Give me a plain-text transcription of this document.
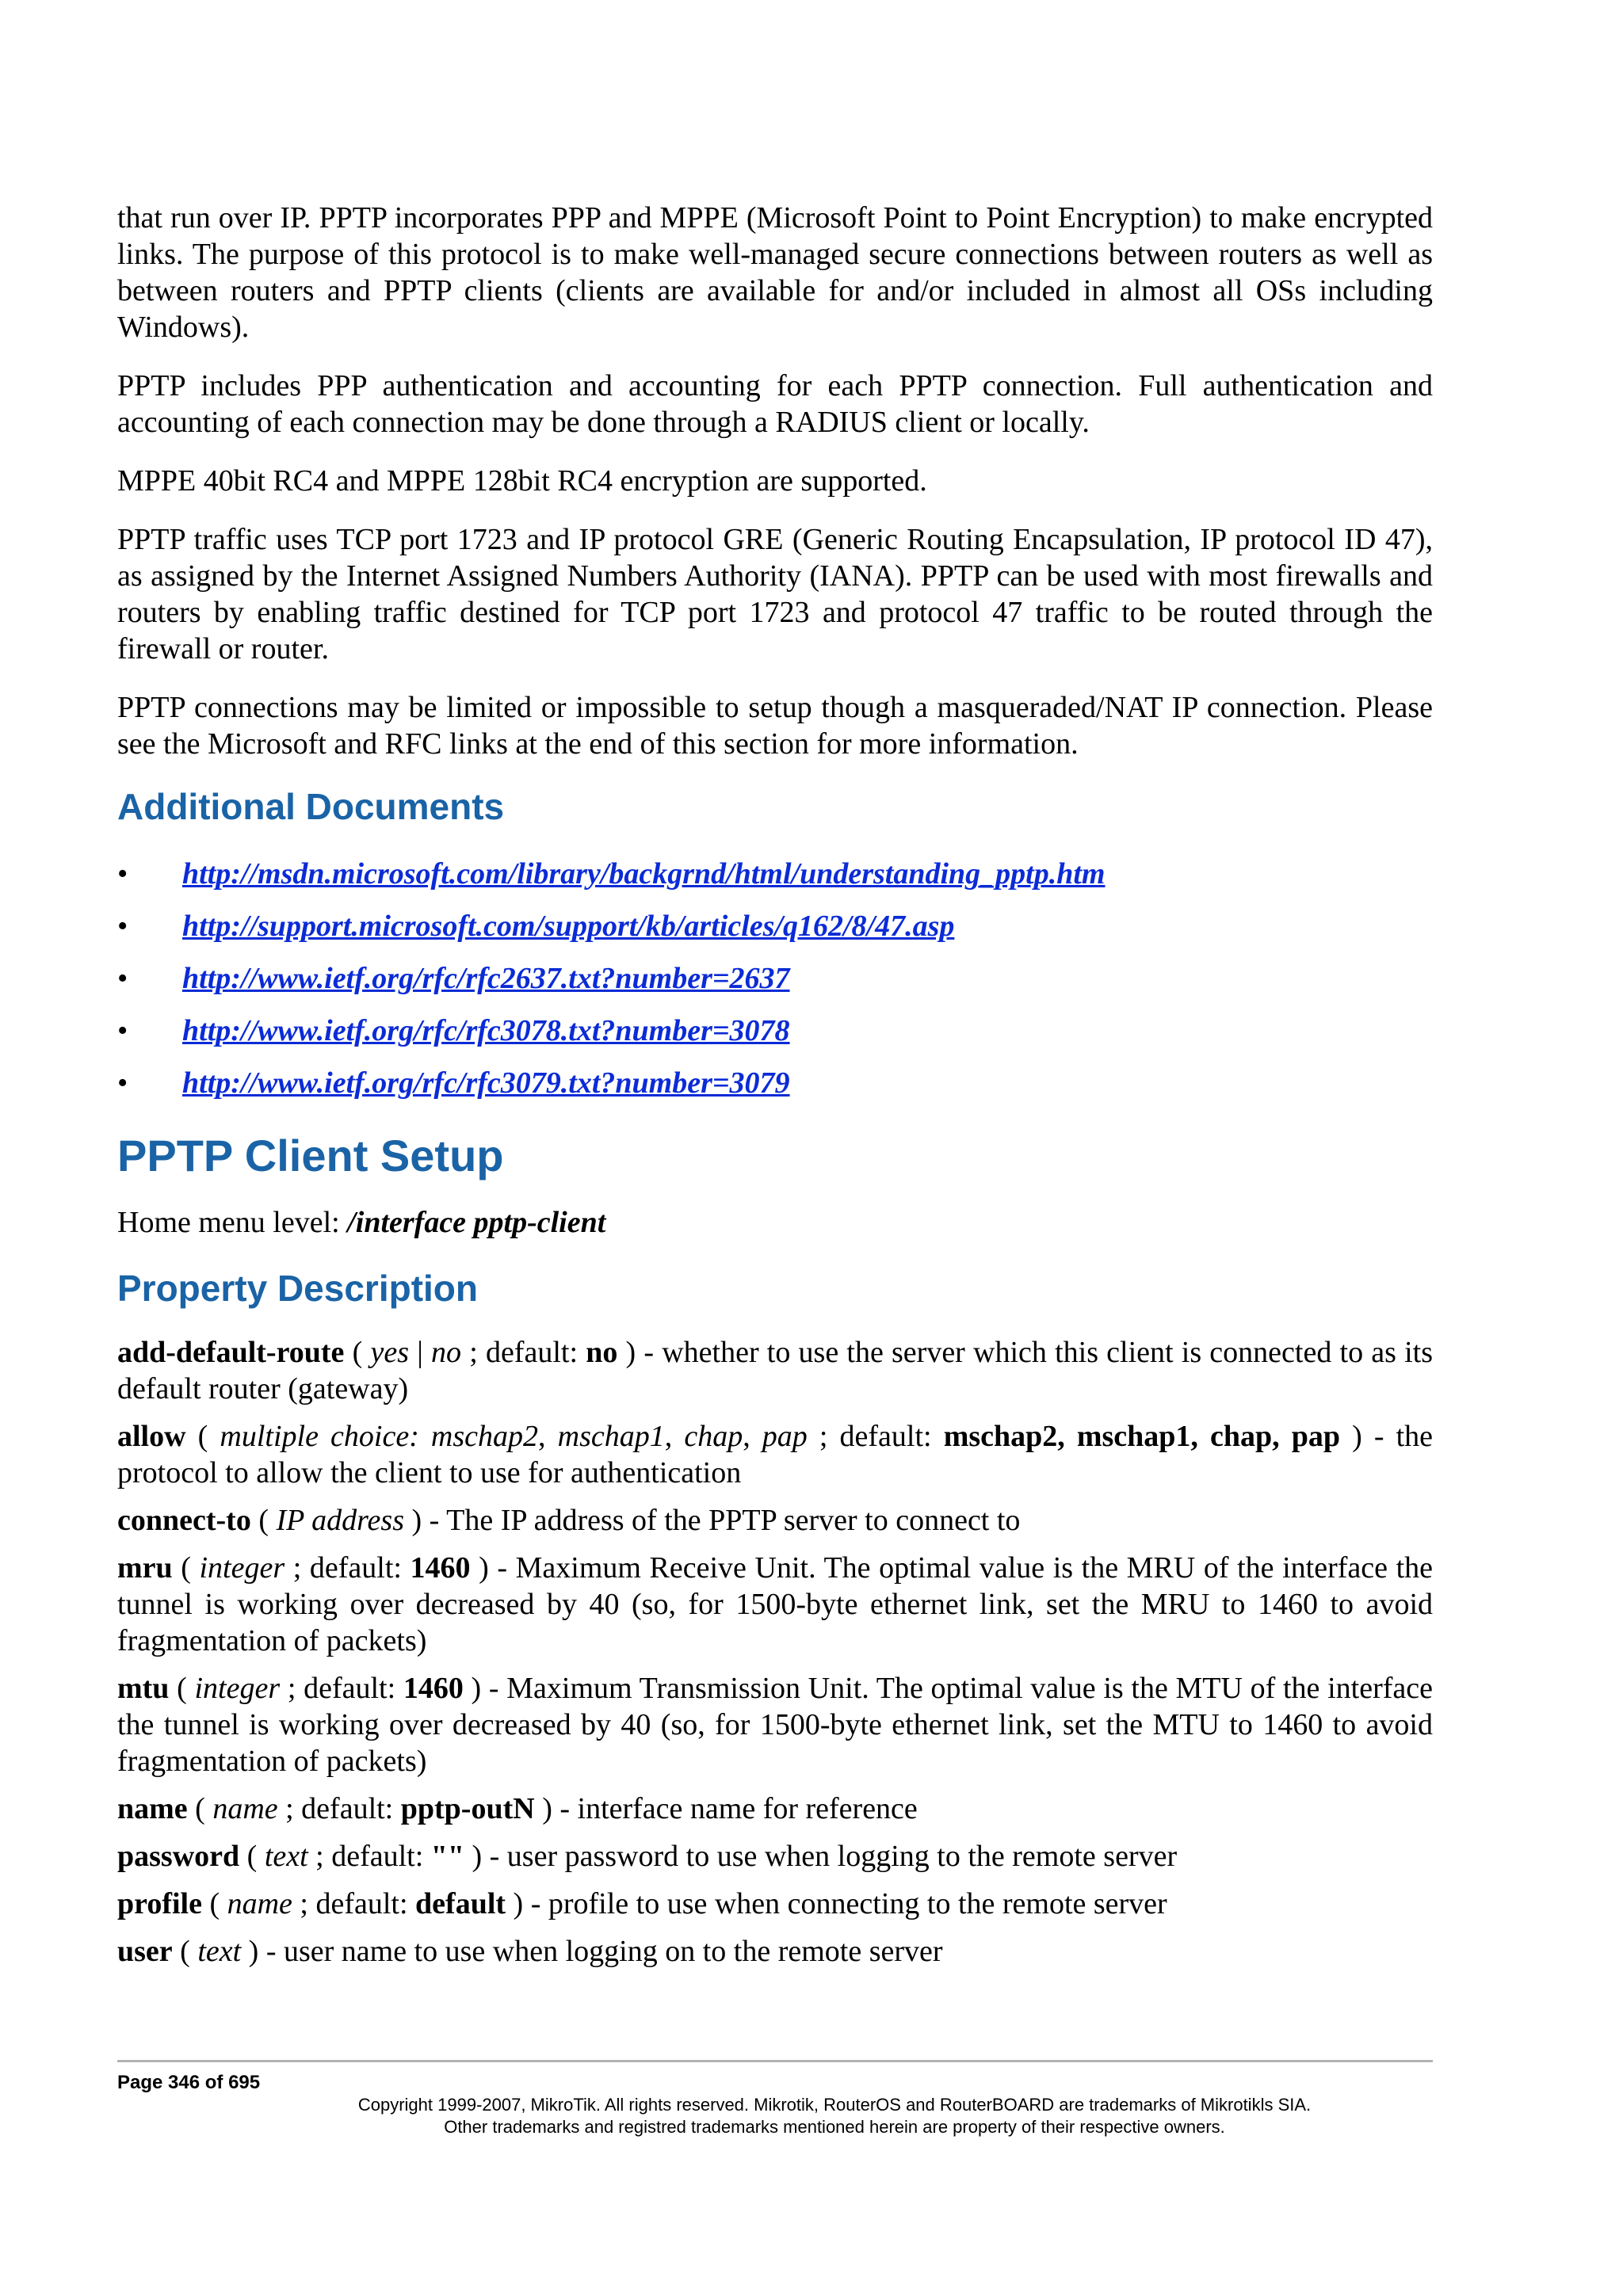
that run over IP. PPTP incorporates PPP and MPPE (Microsoft Point to Point Encryption) to make encrypted links. The purpose of this protocol is to make well-managed secure connections between routers as well as between routers and PPTP clients (clients are available for and/or included in almost all OSs including Windows).

PPTP includes PPP authentication and accounting for each PPTP connection. Full authentication and accounting of each connection may be done through a RADIUS client or locally.

MPPE 40bit RC4 and MPPE 128bit RC4 encryption are supported.

PPTP traffic uses TCP port 1723 and IP protocol GRE (Generic Routing Encapsulation, IP protocol ID 47), as assigned by the Internet Assigned Numbers Authority (IANA). PPTP can be used with most firewalls and routers by enabling traffic destined for TCP port 1723 and protocol 47 traffic to be routed through the firewall or router.

PPTP connections may be limited or impossible to setup though a masqueraded/NAT IP connection. Please see the Microsoft and RFC links at the end of this section for more information.

Additional Documents
• http://msdn.microsoft.com/library/backgrnd/html/understanding_pptp.htm
• http://support.microsoft.com/support/kb/articles/q162/8/47.asp
• http://www.ietf.org/rfc/rfc2637.txt?number=2637
• http://www.ietf.org/rfc/rfc3078.txt?number=3078
• http://www.ietf.org/rfc/rfc3079.txt?number=3079
PPTP Client Setup

Home menu level: /interface pptp-client

Property Description

add-default-route ( yes | no ; default: no ) - whether to use the server which this client is connected to as its default router (gateway)

allow ( multiple choice: mschap2, mschap1, chap, pap ; default: mschap2, mschap1, chap, pap ) - the protocol to allow the client to use for authentication

connect-to ( IP address ) - The IP address of the PPTP server to connect to

mru ( integer ; default: 1460 ) - Maximum Receive Unit. The optimal value is the MRU of the interface the tunnel is working over decreased by 40 (so, for 1500-byte ethernet link, set the MRU to 1460 to avoid fragmentation of packets)

mtu ( integer ; default: 1460 ) - Maximum Transmission Unit. The optimal value is the MTU of the interface the tunnel is working over decreased by 40 (so, for 1500-byte ethernet link, set the MTU to 1460 to avoid fragmentation of packets)

name ( name ; default: pptp-outN ) - interface name for reference

password ( text ; default: "" ) - user password to use when logging to the remote server

profile ( name ; default: default ) - profile to use when connecting to the remote server

user ( text ) - user name to use when logging on to the remote server

Page 346 of 695
Copyright 1999-2007, MikroTik. All rights reserved. Mikrotik, RouterOS and RouterBOARD are trademarks of Mikrotikls SIA.
Other trademarks and registred trademarks mentioned herein are property of their respective owners.
